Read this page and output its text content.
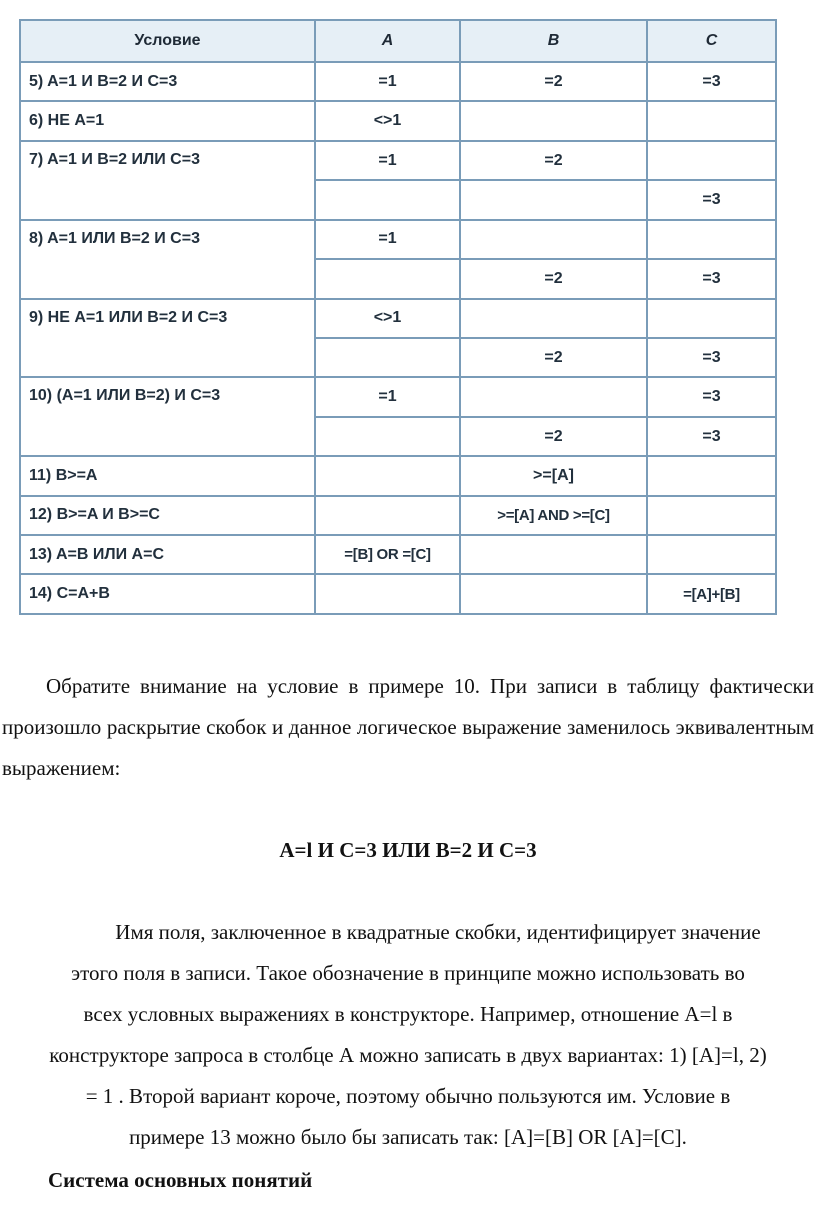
Условие	A	B	C
5) A=1 И B=2 И C=3	=1	=2	=3
6) НЕ A=1	<>1		
7) A=1 И B=2 ИЛИ C=3	=1	=2	
			=3
8) A=1 ИЛИ B=2 И C=3	=1		
		=2	=3
9) НЕ A=1 ИЛИ B=2 И C=3	<>1		
		=2	=3
10) (A=1 ИЛИ B=2) И C=3	=1		=3
		=2	=3
11) B>=A		>=[A]	
12) B>=A И B>=C		>=[A] AND >=[C]	
13) A=B ИЛИ A=C	=[B] OR =[C]		
14) C=A+B			=[A]+[B]

Обратите внимание на условие в примере 10. При записи в таблицу фактически произошло раскрытие скобок и данное логическое выражение заменилось эквивалентным выражением:

А=l И С=3 ИЛИ В=2 И С=3

Имя поля, заключенное в квадратные скобки, идентифицирует значение
этого поля в записи. Такое обозначение в принципе можно использовать во
всех условных выражениях в конструкторе. Например, отношение А=l в
конструкторе запроса в столбце А можно записать в двух вариантах: 1) [A]=l, 2)
= 1 . Второй вариант короче, поэтому обычно пользуются им. Условие в
примере 13 можно было бы записать так: [A]=[B] OR [A]=[C].
Система основных понятий
